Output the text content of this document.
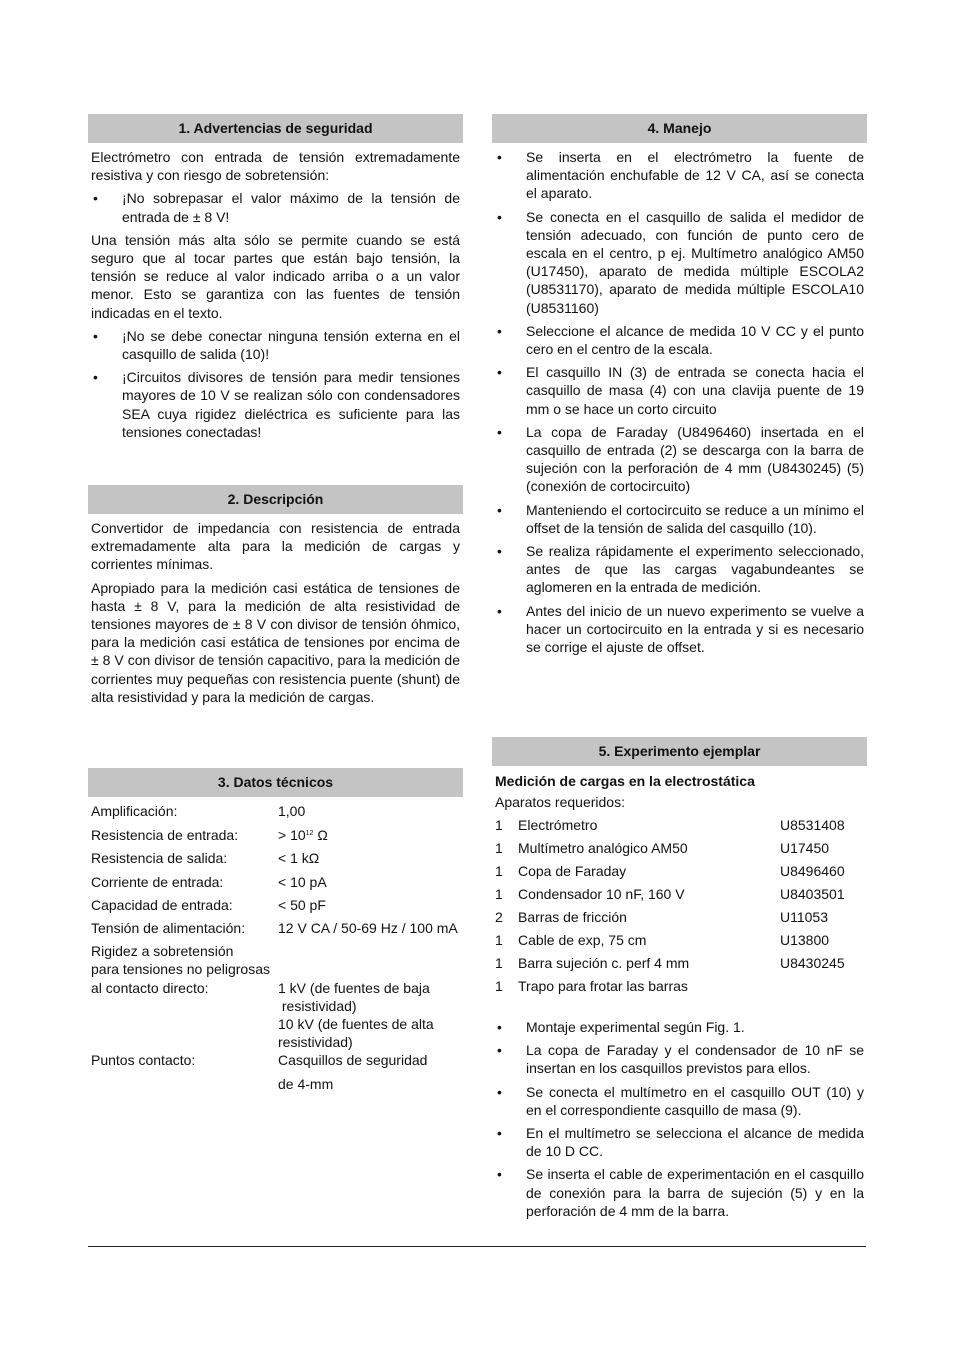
1. Advertencias de seguridad

Electrómetro con entrada de tensión extremadamente resistiva y con riesgo de sobretensión:

• ¡No sobrepasar el valor máximo de la tensión de entrada de ± 8 V!

Una tensión más alta sólo se permite cuando se está seguro que al tocar partes que están bajo tensión, la tensión se reduce al valor indicado arriba o a un valor menor. Esto se garantiza con las fuentes de tensión indicadas en el texto.

• ¡No se debe conectar ninguna tensión externa en el casquillo de salida (10)!
• ¡Circuitos divisores de tensión para medir tensiones mayores de 10 V se realizan sólo con condensadores SEA cuya rigidez dieléctrica es suficiente para las tensiones conectadas!
2. Descripción

Convertidor de impedancia con resistencia de entrada extremadamente alta para la medición de cargas y corrientes mínimas.

Apropiado para la medición casi estática de tensiones de hasta ± 8 V, para la medición de alta resistividad de tensiones mayores de ± 8 V con divisor de tensión óhmico, para la medición casi estática de tensiones por encima de ± 8 V con divisor de tensión capacitivo, para la medición de corrientes muy pequeñas con resistencia puente (shunt) de alta resistividad y para la medición de cargas.

3. Datos técnicos
Amplificación:	1,00
Resistencia de entrada:	> $10^{12}$ Ω
Resistencia de salida:	< 1 kΩ
Corriente de entrada:	< 10 pA
Capacidad de entrada:	< 50 pF
Tensión de alimentación:	12 V CA / 50-69 Hz / 100 mA
Rigidez a sobretensión
para tensiones no peligrosas
al contacto directo:	1 kV (de fuentes de baja
resistividad)
10 kV (de fuentes de alta
resistividad)
Puntos contacto:	Casquillos de seguridad
de 4-mm
4. Manejo
• Se inserta en el electrómetro la fuente de alimentación enchufable de 12 V CA, así se conecta el aparato.
• Se conecta en el casquillo de salida el medidor de tensión adecuado, con función de punto cero de escala en el centro, p ej. Multímetro analógico AM50 (U17450), aparato de medida múltiple ESCOLA2 (U8531170), aparato de medida múltiple ESCOLA10 (U8531160)
• Seleccione el alcance de medida 10 V CC y el punto cero en el centro de la escala.
• El casquillo IN (3) de entrada se conecta hacia el casquillo de masa (4) con una clavija puente de 19 mm o se hace un corto circuito
• La copa de Faraday (U8496460) insertada en el casquillo de entrada (2) se descarga con la barra de sujeción con la perforación de 4 mm (U8430245) (5) (conexión de cortocircuito)
• Manteniendo el cortocircuito se reduce a un mínimo el offset de la tensión de salida del casquillo (10).
• Se realiza rápidamente el experimento seleccionado, antes de que las cargas vagabundeantes se aglomeren en la entrada de medición.
• Antes del inicio de un nuevo experimento se vuelve a hacer un cortocircuito en la entrada y si es necesario se corrige el ajuste de offset.
5. Experimento ejemplar

Medición de cargas en la electrostática

Aparatos requeridos:

1	Electrómetro	U8531408
1	Multímetro analógico AM50	U17450
1	Copa de Faraday	U8496460
1	Condensador 10 nF, 160 V	U8403501
2	Barras de fricción	U11053
1	Cable de exp, 75 cm	U13800
1	Barra sujeción c. perf 4 mm	U8430245
1	Trapo para frotar las barras
• Montaje experimental según Fig. 1.
• La copa de Faraday y el condensador de 10 nF se insertan en los casquillos previstos para ellos.
• Se conecta el multímetro en el casquillo OUT (10) y en el correspondiente casquillo de masa (9).
• En el multímetro se selecciona el alcance de medida de 10 D CC.
• Se inserta el cable de experimentación en el casquillo de conexión para la barra de sujeción (5) y en la perforación de 4 mm de la barra.
